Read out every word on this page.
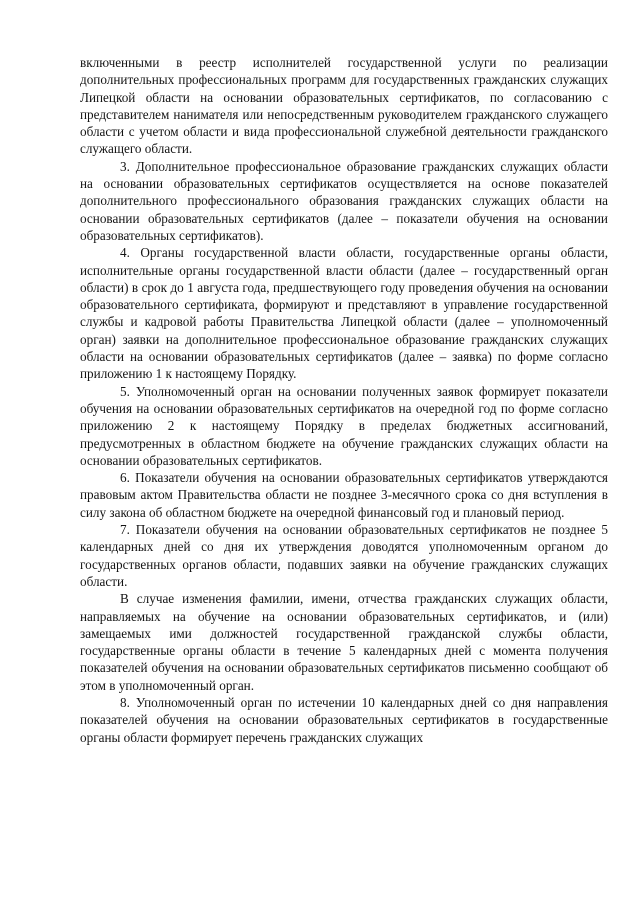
включенными в реестр исполнителей государственной услуги по реализации дополнительных профессиональных программ для государственных гражданских служащих Липецкой области на основании образовательных сертификатов, по согласованию с представителем нанимателя или непосредственным руководителем гражданского служащего области с учетом области и вида профессиональной служебной деятельности гражданского служащего области.

3. Дополнительное профессиональное образование гражданских служащих области на основании образовательных сертификатов осуществляется на основе показателей дополнительного профессионального образования гражданских служащих области на основании образовательных сертификатов (далее – показатели обучения на основании образовательных сертификатов).

4. Органы государственной власти области, государственные органы области, исполнительные органы государственной власти области (далее – государственный орган области) в срок до 1 августа года, предшествующего году проведения обучения на основании образовательного сертификата, формируют и представляют в управление государственной службы и кадровой работы Правительства Липецкой области (далее – уполномоченный орган) заявки на дополнительное профессиональное образование гражданских служащих области на основании образовательных сертификатов (далее – заявка) по форме согласно приложению 1 к настоящему Порядку.

5. Уполномоченный орган на основании полученных заявок формирует показатели обучения на основании образовательных сертификатов на очередной год по форме согласно приложению 2 к настоящему Порядку в пределах бюджетных ассигнований, предусмотренных в областном бюджете на обучение гражданских служащих области на основании образовательных сертификатов.

6. Показатели обучения на основании образовательных сертификатов утверждаются правовым актом Правительства области не позднее 3-месячного срока со дня вступления в силу закона об областном бюджете на очередной финансовый год и плановый период.

7. Показатели обучения на основании образовательных сертификатов не позднее 5 календарных дней со дня их утверждения доводятся уполномоченным органом до государственных органов области, подавших заявки на обучение гражданских служащих области.

В случае изменения фамилии, имени, отчества гражданских служащих области, направляемых на обучение на основании образовательных сертификатов, и (или) замещаемых ими должностей государственной гражданской службы области, государственные органы области в течение 5 календарных дней с момента получения показателей обучения на основании образовательных сертификатов письменно сообщают об этом в уполномоченный орган.

8. Уполномоченный орган по истечении 10 календарных дней со дня направления показателей обучения на основании образовательных сертификатов в государственные органы области формирует перечень гражданских служащих
